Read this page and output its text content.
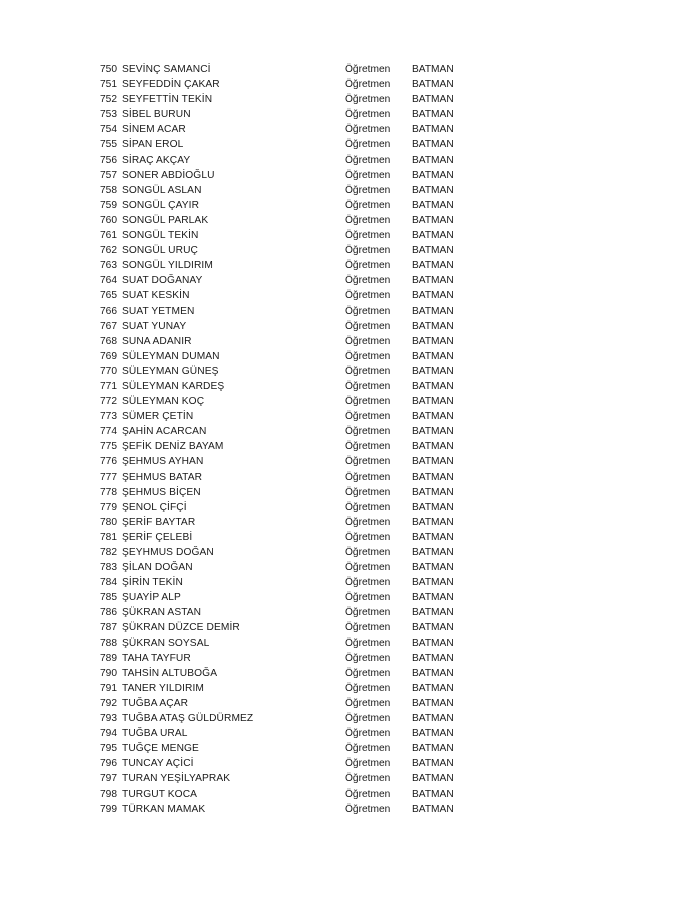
750 SEVİNÇ SAMANCİ	Öğretmen BATMAN
751 SEYFEDDİN ÇAKAR	Öğretmen BATMAN
752 SEYFETTİN TEKİN	Öğretmen BATMAN
753 SİBEL BURUN	Öğretmen BATMAN
754 SİNEM ACAR	Öğretmen BATMAN
755 SİPAN EROL	Öğretmen BATMAN
756 SİRAÇ AKÇAY	Öğretmen BATMAN
757 SONER ABDİOĞLU	Öğretmen BATMAN
758 SONGÜL ASLAN	Öğretmen BATMAN
759 SONGÜL ÇAYIR	Öğretmen BATMAN
760 SONGÜL PARLAK	Öğretmen BATMAN
761 SONGÜL TEKİN	Öğretmen BATMAN
762 SONGÜL URUÇ	Öğretmen BATMAN
763 SONGÜL YILDIRIM	Öğretmen BATMAN
764 SUAT DOĞANAY	Öğretmen BATMAN
765 SUAT KESKİN	Öğretmen BATMAN
766 SUAT YETMEN	Öğretmen BATMAN
767 SUAT YUNAY	Öğretmen BATMAN
768 SUNA ADANIR	Öğretmen BATMAN
769 SÜLEYMAN DUMAN	Öğretmen BATMAN
770 SÜLEYMAN GÜNEŞ	Öğretmen BATMAN
771 SÜLEYMAN KARDEŞ	Öğretmen BATMAN
772 SÜLEYMAN KOÇ	Öğretmen BATMAN
773 SÜMER ÇETİN	Öğretmen BATMAN
774 ŞAHİN ACARCAN	Öğretmen BATMAN
775 ŞEFİK DENİZ BAYAM	Öğretmen BATMAN
776 ŞEHMUS AYHAN	Öğretmen BATMAN
777 ŞEHMUS BATAR	Öğretmen BATMAN
778 ŞEHMUS BİÇEN	Öğretmen BATMAN
779 ŞENOL ÇİFÇİ	Öğretmen BATMAN
780 ŞERİF BAYTAR	Öğretmen BATMAN
781 ŞERİF ÇELEBİ	Öğretmen BATMAN
782 ŞEYHMUS DOĞAN	Öğretmen BATMAN
783 ŞİLAN DOĞAN	Öğretmen BATMAN
784 ŞİRİN TEKİN	Öğretmen BATMAN
785 ŞUAYİP ALP	Öğretmen BATMAN
786 ŞÜKRAN ASTAN	Öğretmen BATMAN
787 ŞÜKRAN DÜZCE DEMİR	Öğretmen BATMAN
788 ŞÜKRAN SOYSAL	Öğretmen BATMAN
789 TAHA TAYFUR	Öğretmen BATMAN
790 TAHSİN ALTUBOĞA	Öğretmen BATMAN
791 TANER YILDIRIM	Öğretmen BATMAN
792 TUĞBA AÇAR	Öğretmen BATMAN
793 TUĞBA ATAŞ GÜLDÜRMEZ	Öğretmen BATMAN
794 TUĞBA URAL	Öğretmen BATMAN
795 TUĞÇE MENGE	Öğretmen BATMAN
796 TUNCAY AÇİCİ	Öğretmen BATMAN
797 TURAN YEŞİLYAPRAK	Öğretmen BATMAN
798 TURGUT KOCA	Öğretmen BATMAN
799 TÜRKAN MAMAK	Öğretmen BATMAN
